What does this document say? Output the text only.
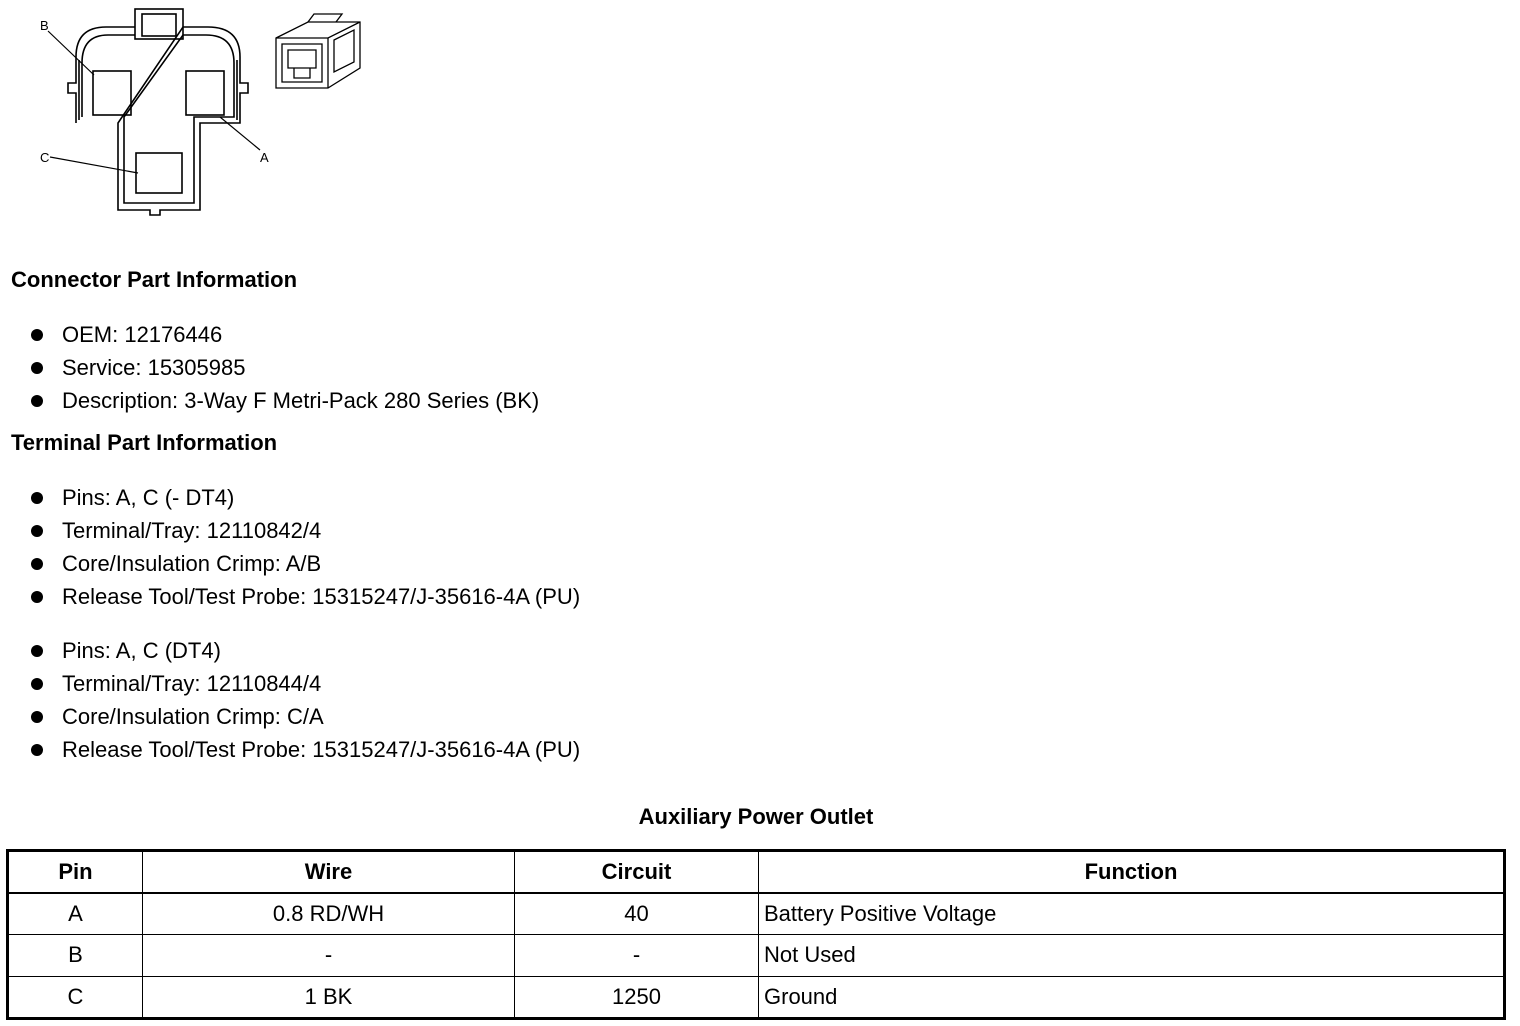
B
A
C
Connector Part Information
OEM: 12176446
Service: 15305985
Description: 3-Way F Metri-Pack 280 Series (BK)
Terminal Part Information
Pins: A, C (- DT4)
Terminal/Tray: 12110842/4
Core/Insulation Crimp: A/B
Release Tool/Test Probe: 15315247/J-35616-4A (PU)
Pins: A, C (DT4)
Terminal/Tray: 12110844/4
Core/Insulation Crimp: C/A
Release Tool/Test Probe: 15315247/J-35616-4A (PU)
Auxiliary Power Outlet
Pin	Wire	Circuit	Function
A	0.8 RD/WH	40	Battery Positive Voltage
B	-	-	Not Used
C	1 BK	1250	Ground
